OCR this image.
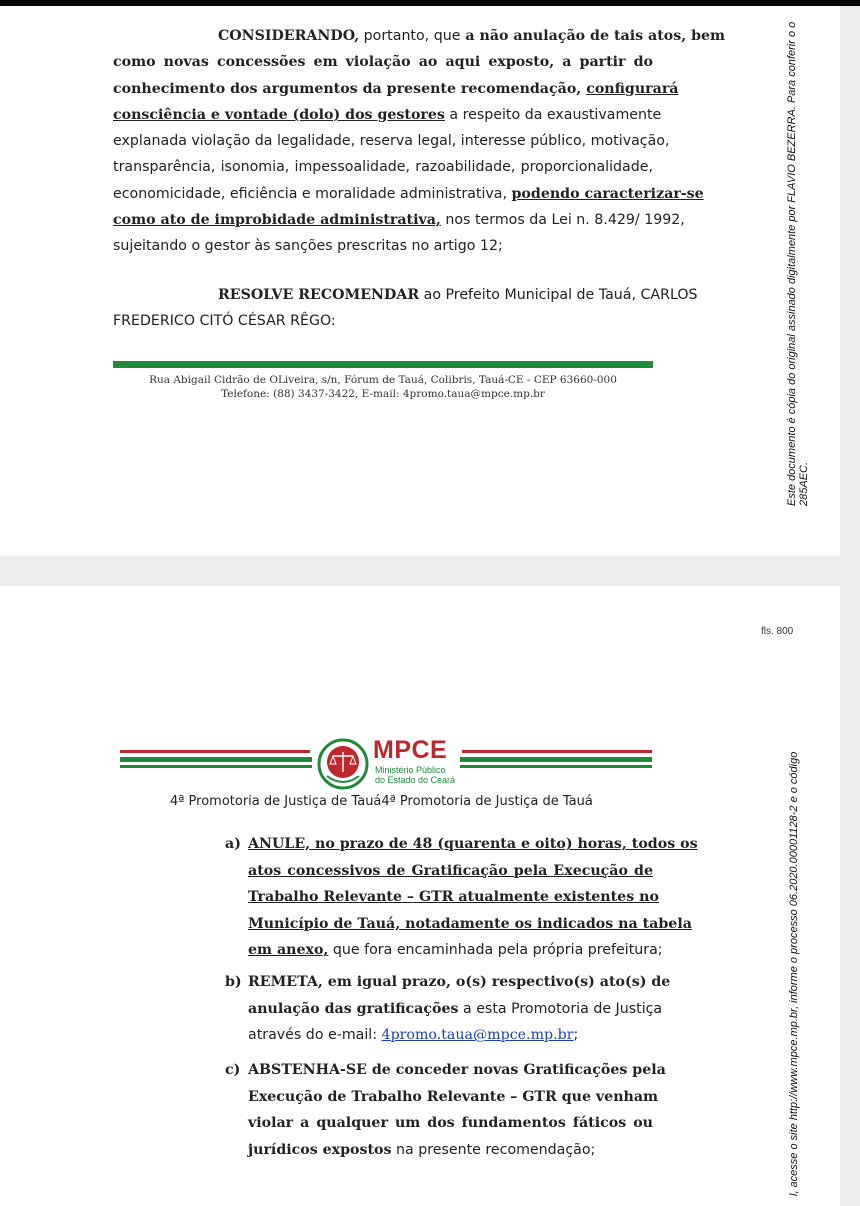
CONSIDERANDO, portanto, que a não anulação de tais atos, bem
como novas concessões em violação ao aqui exposto, a partir do
conhecimento dos argumentos da presente recomendação, configurará
consciência e vontade (dolo) dos gestores a respeito da exaustivamente
explanada violação da legalidade, reserva legal, interesse público, motivação,
transparência, isonomia, impessoalidade, razoabilidade, proporcionalidade,
economicidade, eficiência e moralidade administrativa, podendo caracterizar-se
como ato de improbidade administrativa, nos termos da Lei n. 8.429/ 1992,
sujeitando o gestor às sanções prescritas no artigo 12;
RESOLVE RECOMENDAR ao Prefeito Municipal de Tauá, CARLOS
FREDERICO CITÓ CÉSAR RÊGO:
Rua Abigail Cidrão de OLiveira, s/n, Fórum de Tauá, Colibris, Tauá-CE - CEP 63660-000
Telefone: (88) 3437-3422, E-mail: 4promo.taua@mpce.mp.br	Este documento é cópia do original assinado digitalmente por FLAVIO BEZERRA. Para conferir o o 285AEC.
fls. 800
MPCE
Ministério Público
do Estado do Ceará
4ª Promotoria de Justiça de Tauá4ª Promotoria de Justiça de Tauá
a) ANULE, no prazo de 48 (quarenta e oito) horas, todos os
atos concessivos de Gratificação pela Execução de
Trabalho Relevante – GTR atualmente existentes no
Município de Tauá, notadamente os indicados na tabela
em anexo, que fora encaminhada pela própria prefeitura;
b) REMETA, em igual prazo, o(s) respectivo(s) ato(s) de
anulação das gratificações a esta Promotoria de Justiça
através do e-mail: 4promo.taua@mpce.mp.br;
c) ABSTENHA-SE de conceder novas Gratificações pela
Execução de Trabalho Relevante – GTR que venham
violar a qualquer um dos fundamentos fáticos ou
jurídicos expostos na presente recomendação;	l, acesse o site http://www.mpce.mp.br, informe o processo 06.2020.00001128-2 e o código
